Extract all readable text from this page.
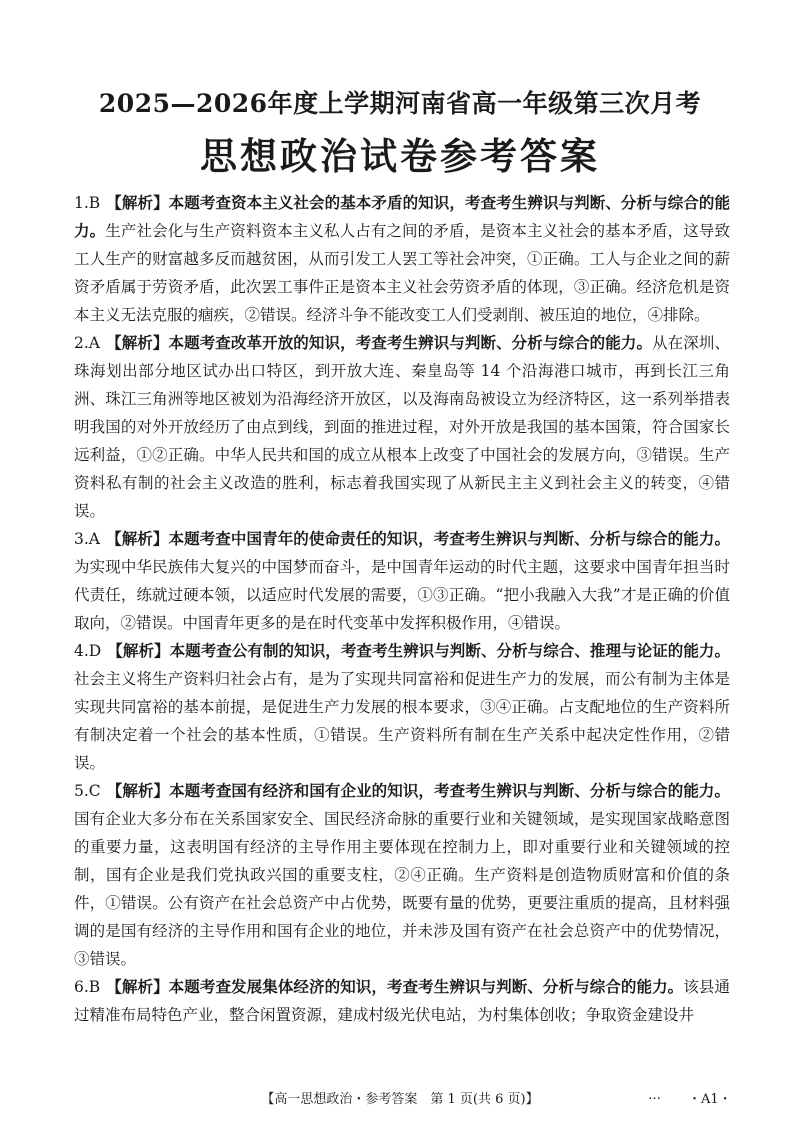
2025—2026年度上学期河南省高一年级第三次月考
思想政治试卷参考答案

1.B 【解析】本题考查资本主义社会的基本矛盾的知识，考查考生辨识与判断、分析与综合的能力。生产社会化与生产资料资本主义私人占有之间的矛盾，是资本主义社会的基本矛盾，这导致工人生产的财富越多反而越贫困，从而引发工人罢工等社会冲突，①正确。工人与企业之间的薪资矛盾属于劳资矛盾，此次罢工事件正是资本主义社会劳资矛盾的体现，③正确。经济危机是资本主义无法克服的痼疾，②错误。经济斗争不能改变工人们受剥削、被压迫的地位，④排除。

2.A 【解析】本题考查改革开放的知识，考查考生辨识与判断、分析与综合的能力。从在深圳、珠海划出部分地区试办出口特区，到开放大连、秦皇岛等 14 个沿海港口城市，再到长江三角洲、珠江三角洲等地区被划为沿海经济开放区，以及海南岛被设立为经济特区，这一系列举措表明我国的对外开放经历了由点到线，到面的推进过程，对外开放是我国的基本国策，符合国家长远利益，①②正确。中华人民共和国的成立从根本上改变了中国社会的发展方向，③错误。生产资料私有制的社会主义改造的胜利，标志着我国实现了从新民主主义到社会主义的转变，④错误。

3.A 【解析】本题考查中国青年的使命责任的知识，考查考生辨识与判断、分析与综合的能力。为实现中华民族伟大复兴的中国梦而奋斗，是中国青年运动的时代主题，这要求中国青年担当时代责任，练就过硬本领，以适应时代发展的需要，①③正确。“把小我融入大我”才是正确的价值取向，②错误。中国青年更多的是在时代变革中发挥积极作用，④错误。

4.D 【解析】本题考查公有制的知识，考查考生辨识与判断、分析与综合、推理与论证的能力。社会主义将生产资料归社会占有，是为了实现共同富裕和促进生产力的发展，而公有制为主体是实现共同富裕的基本前提，是促进生产力发展的根本要求，③④正确。占支配地位的生产资料所有制决定着一个社会的基本性质，①错误。生产资料所有制在生产关系中起决定性作用，②错误。

5.C 【解析】本题考查国有经济和国有企业的知识，考查考生辨识与判断、分析与综合的能力。国有企业大多分布在关系国家安全、国民经济命脉的重要行业和关键领域，是实现国家战略意图的重要力量，这表明国有经济的主导作用主要体现在控制力上，即对重要行业和关键领域的控制，国有企业是我们党执政兴国的重要支柱，②④正确。生产资料是创造物质财富和价值的条件，①错误。公有资产在社会总资产中占优势，既要有量的优势，更要注重质的提高，且材料强调的是国有经济的主导作用和国有企业的地位，并未涉及国有资产在社会总资产中的优势情况，③错误。

6.B 【解析】本题考查发展集体经济的知识，考查考生辨识与判断、分析与综合的能力。该县通过精准布局特色产业，整合闲置资源，建成村级光伏电站，为村集体创收；争取资金建设井

【高一思想政治・参考答案　第 1 页(共 6 页)】	… ・A1・
